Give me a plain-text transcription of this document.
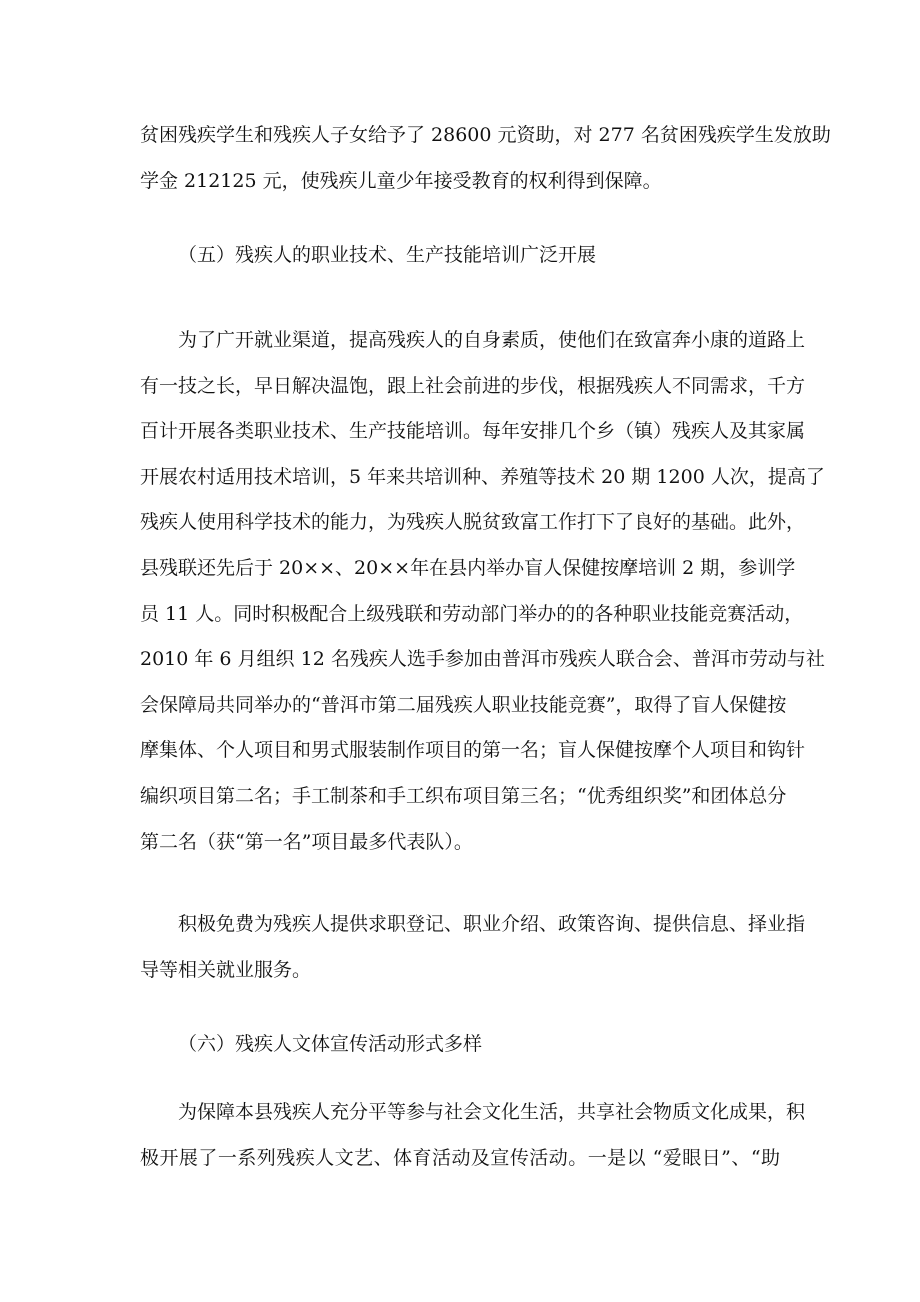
贫困残疾学生和残疾人子女给予了 28600 元资助，对 277 名贫困残疾学生发放助
学金 212125 元，使残疾儿童少年接受教育的权利得到保障。
（五）残疾人的职业技术、生产技能培训广泛开展
　　为了广开就业渠道，提高残疾人的自身素质，使他们在致富奔小康的道路上
有一技之长，早日解决温饱，跟上社会前进的步伐，根据残疾人不同需求，千方
百计开展各类职业技术、生产技能培训。每年安排几个乡（镇）残疾人及其家属
开展农村适用技术培训，5 年来共培训种、养殖等技术 20 期 1200 人次，提高了
残疾人使用科学技术的能力，为残疾人脱贫致富工作打下了良好的基础。此外，
县残联还先后于 20××、20××年在县内举办盲人保健按摩培训 2 期，参训学
员 11 人。同时积极配合上级残联和劳动部门举办的的各种职业技能竞赛活动，
2010 年 6 月组织 12 名残疾人选手参加由普洱市残疾人联合会、普洱市劳动与社
会保障局共同举办的“普洱市第二届残疾人职业技能竞赛”，取得了盲人保健按
摩集体、个人项目和男式服装制作项目的第一名；盲人保健按摩个人项目和钩针
编织项目第二名；手工制茶和手工织布项目第三名；“优秀组织奖”和团体总分
第二名（获“第一名”项目最多代表队）。
　　积极免费为残疾人提供求职登记、职业介绍、政策咨询、提供信息、择业指
导等相关就业服务。
（六）残疾人文体宣传活动形式多样
　　为保障本县残疾人充分平等参与社会文化生活，共享社会物质文化成果，积
极开展了一系列残疾人文艺、体育活动及宣传活动。一是以 “爱眼日”、“助
